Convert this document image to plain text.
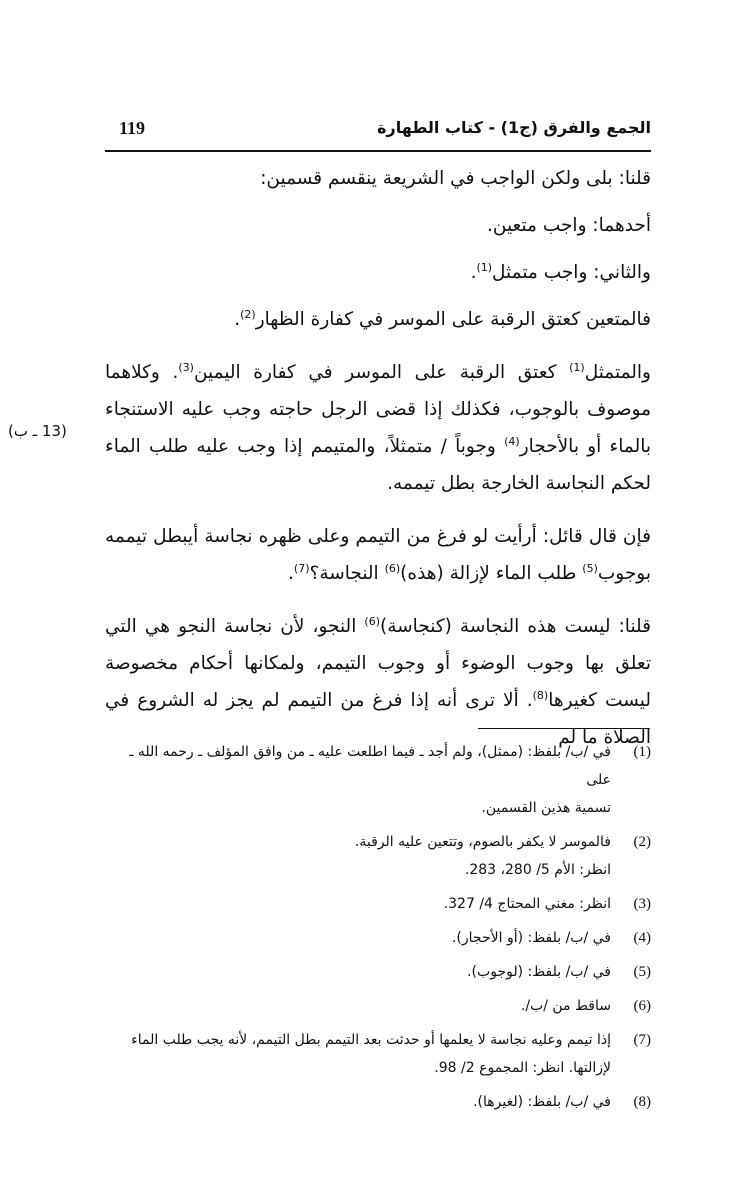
الجمع والفرق (ج1) - كتاب الطهارة
119
(13 ـ ب)

قلنا: بلى ولكن الواجب في الشريعة ينقسم قسمين:

أحدهما: واجب متعين.

والثاني: واجب متمثل$^{(1)}$.

فالمتعين كعتق الرقبة على الموسر في كفارة الظهار$^{(2)}$.

والمتمثل$^{(1)}$ كعتق الرقبة على الموسر في كفارة اليمين$^{(3)}$. وكلاهما موصوف بالوجوب، فكذلك إذا قضى الرجل حاجته وجب عليه الاستنجاء بالماء أو بالأحجار$^{(4)}$ وجوباً / متمثلاً، والمتيمم إذا وجب عليه طلب الماء لحكم النجاسة الخارجة بطل تيممه.

فإن قال قائل: أرأيت لو فرغ من التيمم وعلى ظهره نجاسة أيبطل تيممه بوجوب$^{(5)}$ طلب الماء لإزالة (هذه)$^{(6)}$ النجاسة؟$^{(7)}$.

قلنا: ليست هذه النجاسة (كنجاسة)$^{(6)}$ النجو، لأن نجاسة النجو هي التي تعلق بها وجوب الوضوء أو وجوب التيمم، ولمكانها أحكام مخصوصة ليست كغيرها$^{(8)}$. ألا ترى أنه إذا فرغ من التيمم لم يجز له الشروع في الصلاة ما لم

(1)
في /ب/ بلفظ: (ممثل)، ولم أجد ـ فيما اطلعت عليه ـ من وافق المؤلف ـ رحمه الله ـ على
تسمية هذين القسمين.
(2)
فالموسر لا يكفر بالصوم، وتتعين عليه الرقبة.
انظر: الأم 5/ 280، 283.
(3)
انظر: مغني المحتاج 4/ 327.
(4)
في /ب/ بلفظ: (أو الأحجار).
(5)
في /ب/ بلفظ: (لوجوب).
(6)
ساقط من /ب/.
(7)
إذا تيمم وعليه نجاسة لا يعلمها أو حدثت بعد التيمم بطل التيمم، لأنه يجب طلب الماء
لإزالتها. انظر: المجموع 2/ 98.
(8)
في /ب/ بلفظ: (لغيرها).
